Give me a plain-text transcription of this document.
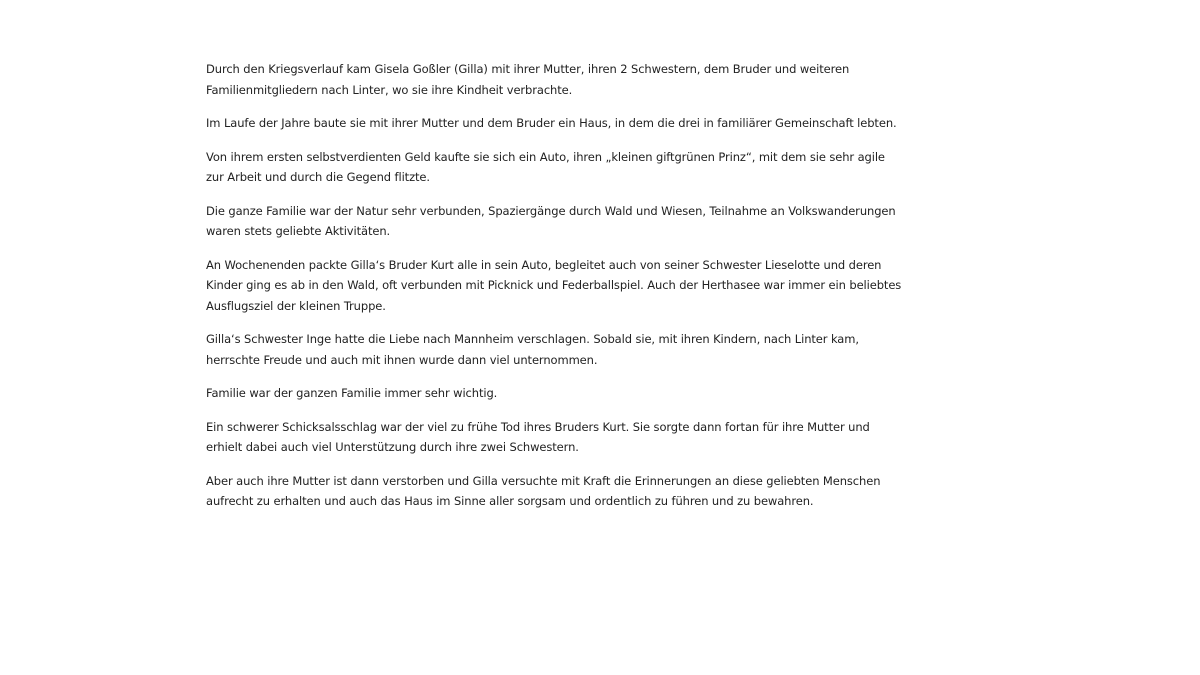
Durch den Kriegsverlauf kam Gisela Goßler (Gilla) mit ihrer Mutter, ihren 2 Schwestern, dem Bruder und weiteren Familienmitgliedern nach Linter, wo sie ihre Kindheit verbrachte.

Im Laufe der Jahre baute sie mit ihrer Mutter und dem Bruder ein Haus, in dem die drei in familiärer Gemeinschaft lebten.

Von ihrem ersten selbstverdienten Geld kaufte sie sich ein Auto, ihren „kleinen giftgrünen Prinz“, mit dem sie sehr agile zur Arbeit und durch die Gegend flitzte.

Die ganze Familie war der Natur sehr verbunden, Spaziergänge durch Wald und Wiesen, Teilnahme an Volkswanderungen waren stets geliebte Aktivitäten.

An Wochenenden packte Gilla‘s Bruder Kurt alle in sein Auto, begleitet auch von seiner Schwester Lieselotte und deren Kinder ging es ab in den Wald, oft verbunden mit Picknick und Federballspiel. Auch der Herthasee war immer ein beliebtes Ausflugsziel der kleinen Truppe.

Gilla‘s Schwester Inge hatte die Liebe nach Mannheim verschlagen. Sobald sie, mit ihren Kindern, nach Linter kam, herrschte Freude und auch mit ihnen wurde dann viel unternommen.

Familie war der ganzen Familie immer sehr wichtig.

Ein schwerer Schicksalsschlag war der viel zu frühe Tod ihres Bruders Kurt. Sie sorgte dann fortan für ihre Mutter und erhielt dabei auch viel Unterstützung durch ihre zwei Schwestern.

Aber auch ihre Mutter ist dann verstorben und Gilla versuchte mit Kraft die Erinnerungen an diese geliebten Menschen aufrecht zu erhalten und auch das Haus im Sinne aller sorgsam und ordentlich zu führen und zu bewahren.
